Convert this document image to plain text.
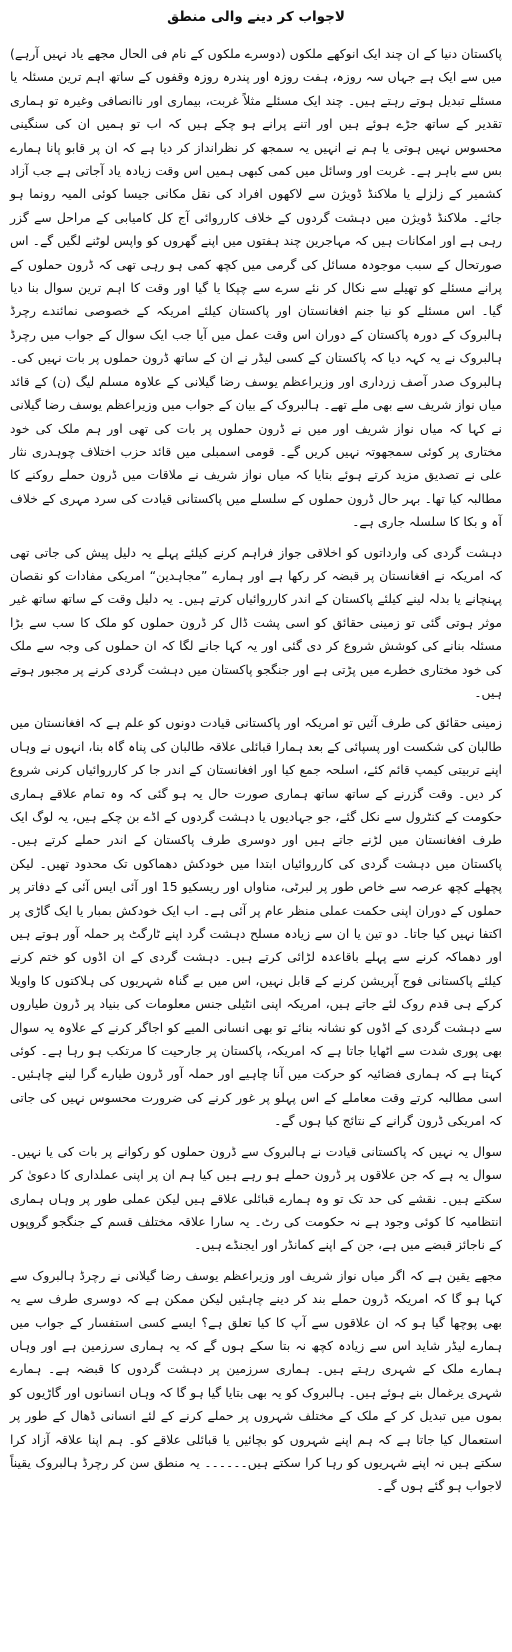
لاجواب کر دینے والی منطق

پاکستان دنیا کے ان چند ایک انوکھے ملکوں (دوسرے ملکوں کے نام فی الحال مجھے یاد نہیں آرہے) میں سے ایک ہے جہاں سہ روزہ، ہفت روزہ اور پندرہ روزہ وقفوں کے ساتھ اہم ترین مسئلہ یا مسئلے تبدیل ہوتے رہتے ہیں۔ چند ایک مسئلے مثلاً غربت، بیماری اور ناانصافی وغیرہ تو ہماری تقدیر کے ساتھ جڑے ہوئے ہیں اور اتنے پرانے ہو چکے ہیں کہ اب تو ہمیں ان کی سنگینی محسوس نہیں ہوتی یا ہم نے انہیں یہ سمجھ کر نظرانداز کر دیا ہے کہ ان پر قابو پانا ہمارے بس سے باہر ہے۔ غربت اور وسائل میں کمی کبھی ہمیں اس وقت زیادہ یاد آجاتی ہے جب آزاد کشمیر کے زلزلے یا ملاکنڈ ڈویژن سے لاکھوں افراد کی نقل مکانی جیسا کوئی المیہ رونما ہو جائے۔ ملاکنڈ ڈویژن میں دہشت گردوں کے خلاف کارروائی آج کل کامیابی کے مراحل سے گزر رہی ہے اور امکانات ہیں کہ مہاجرین چند ہفتوں میں اپنے گھروں کو واپس لوٹنے لگیں گے۔ اس صورتحال کے سبب موجودہ مسائل کی گرمی میں کچھ کمی ہو رہی تھی کہ ڈرون حملوں کے پرانے مسئلے کو تھیلے سے نکال کر نئے سرے سے چپکا یا گیا اور وقت کا اہم ترین سوال بنا دیا گیا۔ اس مسئلے کو نیا جنم افغانستان اور پاکستان کیلئے امریکہ کے خصوصی نمائندے رچرڈ ہالبروک کے دورہ پاکستان کے دوران اس وقت عمل میں آیا جب ایک سوال کے جواب میں رچرڈ ہالبروک نے یہ کہہ دیا کہ پاکستان کے کسی لیڈر نے ان کے ساتھ ڈرون حملوں پر بات نہیں کی۔ ہالبروک صدر آصف زرداری اور وزیراعظم یوسف رضا گیلانی کے علاوہ مسلم لیگ (ن) کے قائد میاں نواز شریف سے بھی ملے تھے۔ ہالبروک کے بیان کے جواب میں وزیراعظم یوسف رضا گیلانی نے کہا کہ میاں نواز شریف اور میں نے ڈرون حملوں پر بات کی تھی اور ہم ملک کی خود مختاری پر کوئی سمجھوتہ نہیں کریں گے۔ قومی اسمبلی میں قائد حزب اختلاف چوہدری نثار علی نے تصدیق مزید کرتے ہوئے بتایا کہ میاں نواز شریف نے ملاقات میں ڈرون حملے روکنے کا مطالبہ کیا تھا۔ بہر حال ڈرون حملوں کے سلسلے میں پاکستانی قیادت کی سرد مہری کے خلاف آہ و بکا کا سلسلہ جاری ہے۔

دہشت گردی کی وارداتوں کو اخلاقی جواز فراہم کرنے کیلئے پہلے یہ دلیل پیش کی جاتی تھی کہ امریکہ نے افغانستان پر قبضہ کر رکھا ہے اور ہمارے ”مجاہدین“ امریکی مفادات کو نقصان پہنچانے یا بدلہ لینے کیلئے پاکستان کے اندر کارروائیاں کرتے ہیں۔ یہ دلیل وقت کے ساتھ ساتھ غیر موثر ہوتی گئی تو زمینی حقائق کو اسی پشت ڈال کر ڈرون حملوں کو ملک کا سب سے بڑا مسئلہ بنانے کی کوشش شروع کر دی گئی اور یہ کہا جانے لگا کہ ان حملوں کی وجہ سے ملک کی خود مختاری خطرے میں پڑتی ہے اور جنگجو پاکستان میں دہشت گردی کرنے پر مجبور ہوتے ہیں۔

زمینی حقائق کی طرف آئیں تو امریکہ اور پاکستانی قیادت دونوں کو علم ہے کہ افغانستان میں طالبان کی شکست اور پسپائی کے بعد ہمارا قبائلی علاقہ طالبان کی پناہ گاہ بنا، انہوں نے وہاں اپنے تربیتی کیمپ قائم کئے، اسلحہ جمع کیا اور افغانستان کے اندر جا کر کارروائیاں کرنی شروع کر دیں۔ وقت گزرنے کے ساتھ ساتھ ہماری صورت حال یہ ہو گئی کہ وہ تمام علاقے ہماری حکومت کے کنٹرول سے نکل گئے، جو جہادیوں یا دہشت گردوں کے اڈے بن چکے ہیں، یہ لوگ ایک طرف افغانستان میں لڑنے جاتے ہیں اور دوسری طرف پاکستان کے اندر حملے کرتے ہیں۔ پاکستان میں دہشت گردی کی کارروائیاں ابتدا میں خودکش دھماکوں تک محدود تھیں۔ لیکن پچھلے کچھ عرصہ سے خاص طور پر لبرٹی، مناواں اور ریسکیو 15 اور آئی ایس آئی کے دفاتر پر حملوں کے دوران اپنی حکمت عملی منظر عام پر آئی ہے۔ اب ایک خودکش بمبار یا ایک گاڑی پر اکتفا نہیں کیا جاتا۔ دو تین یا ان سے زیادہ مسلح دہشت گرد اپنے ٹارگٹ پر حملہ آور ہوتے ہیں اور دھماکہ کرنے سے پہلے باقاعدہ لڑائی کرتے ہیں۔ دہشت گردی کے ان اڈوں کو ختم کرنے کیلئے پاکستانی فوج آپریشن کرنے کے قابل نہیں، اس میں بے گناہ شہریوں کی ہلاکتوں کا واویلا کرکے ہی قدم روک لئے جاتے ہیں، امریکہ اپنی انٹیلی جنس معلومات کی بنیاد پر ڈرون طیاروں سے دہشت گردی کے اڈوں کو نشانہ بنائے تو بھی انسانی المیے کو اجاگر کرنے کے علاوہ یہ سوال بھی پوری شدت سے اٹھایا جاتا ہے کہ امریکہ، پاکستان پر جارحیت کا مرتکب ہو رہا ہے۔ کوئی کہتا ہے کہ ہماری فضائیہ کو حرکت میں آنا چاہیے اور حملہ آور ڈرون طیارے گرا لینے چاہئیں۔ اسی مطالبہ کرتے وقت معاملے کے اس پہلو پر غور کرنے کی ضرورت محسوس نہیں کی جاتی کہ امریکی ڈرون گرانے کے نتائج کیا ہوں گے۔

سوال یہ نہیں کہ پاکستانی قیادت نے ہالبروک سے ڈرون حملوں کو رکوانے پر بات کی یا نہیں۔ سوال یہ ہے کہ جن علاقوں پر ڈرون حملے ہو رہے ہیں کیا ہم ان پر اپنی عملداری کا دعویٰ کر سکتے ہیں۔ نقشے کی حد تک تو وہ ہمارے قبائلی علاقے ہیں لیکن عملی طور پر وہاں ہماری انتظامیہ کا کوئی وجود ہے نہ حکومت کی رٹ۔ یہ سارا علاقہ مختلف قسم کے جنگجو گروپوں کے ناجائز قبضے میں ہے، جن کے اپنے کمانڈر اور ایجنڈے ہیں۔

مجھے یقین ہے کہ اگر میاں نواز شریف اور وزیراعظم یوسف رضا گیلانی نے رچرڈ ہالبروک سے کہا ہو گا کہ امریکہ ڈرون حملے بند کر دینے چاہئیں لیکن ممکن ہے کہ دوسری طرف سے یہ بھی پوچھا گیا ہو کہ ان علاقوں سے آپ کا کیا تعلق ہے؟ ایسے کسی استفسار کے جواب میں ہمارے لیڈر شاید اس سے زیادہ کچھ نہ بتا سکے ہوں گے کہ یہ ہماری سرزمین ہے اور وہاں ہمارے ملک کے شہری رہتے ہیں۔ ہماری سرزمین پر دہشت گردوں کا قبضہ ہے۔ ہمارے شہری یرغمال بنے ہوئے ہیں۔ ہالبروک کو یہ بھی بتایا گیا ہو گا کہ وہاں انسانوں اور گاڑیوں کو بموں میں تبدیل کر کے ملک کے مختلف شہروں پر حملے کرنے کے لئے انسانی ڈھال کے طور پر استعمال کیا جاتا ہے کہ ہم اپنے شہروں کو بچائیں یا قبائلی علاقے کو۔ ہم اپنا علاقہ آزاد کرا سکتے ہیں نہ اپنے شہریوں کو رہا کرا سکتے ہیں۔۔۔۔۔۔ یہ منطق سن کر رچرڈ ہالبروک یقیناً لاجواب ہو گئے ہوں گے۔
